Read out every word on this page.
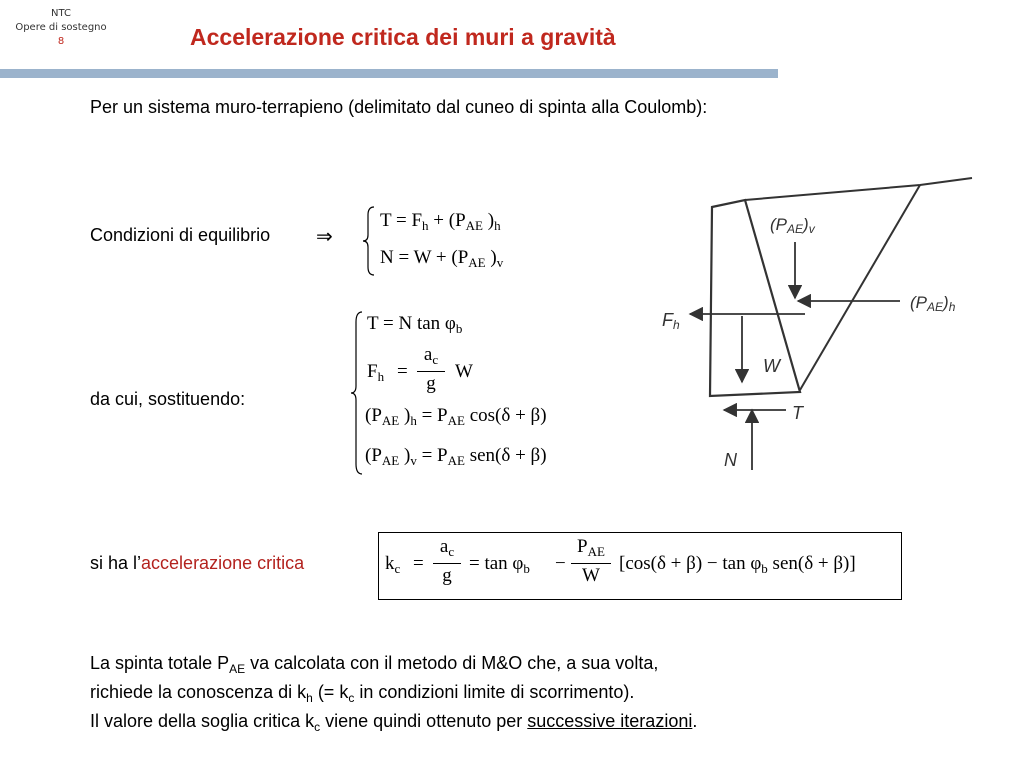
NTC
Opere di sostegno
8	Accelerazione critica dei muri a gravità
Per un sistema muro-terrapieno (delimitato dal cuneo di spinta alla Coulomb):
Condizioni di equilibrio ⇒
$T = F_h + (P_{AE}$ )$_h$
$N = W + (P_{AE}$ )$_v$
da cui, sostituendo:
T = N $\tan \varphi_b$
$F_h$ =
$a_c$
g
W
($P_{AE}$ )$_h = P_{AE}$ cos(δ + β)
($P_{AE}$ )$_v = P_{AE}$ sen(δ + β)
si ha l’accelerazione critica	$k_c$ =
$a_c$
g
= $\tan \varphi_b$ −
$P_{AE}$
W
[$\cos(\delta + \beta) - \tan \varphi_b$ sen(δ + β)]
La spinta totale $P_{AE}$ va calcolata con il metodo di M&O che, a sua volta,
richiede la conoscenza di $k_h$ (= $k_c$ in condizioni limite di scorrimento).
Il valore della soglia critica $k_c$ viene quindi ottenuto per successive iterazioni.
(PAE)v
(PAE)h
Fh
W
T
N
